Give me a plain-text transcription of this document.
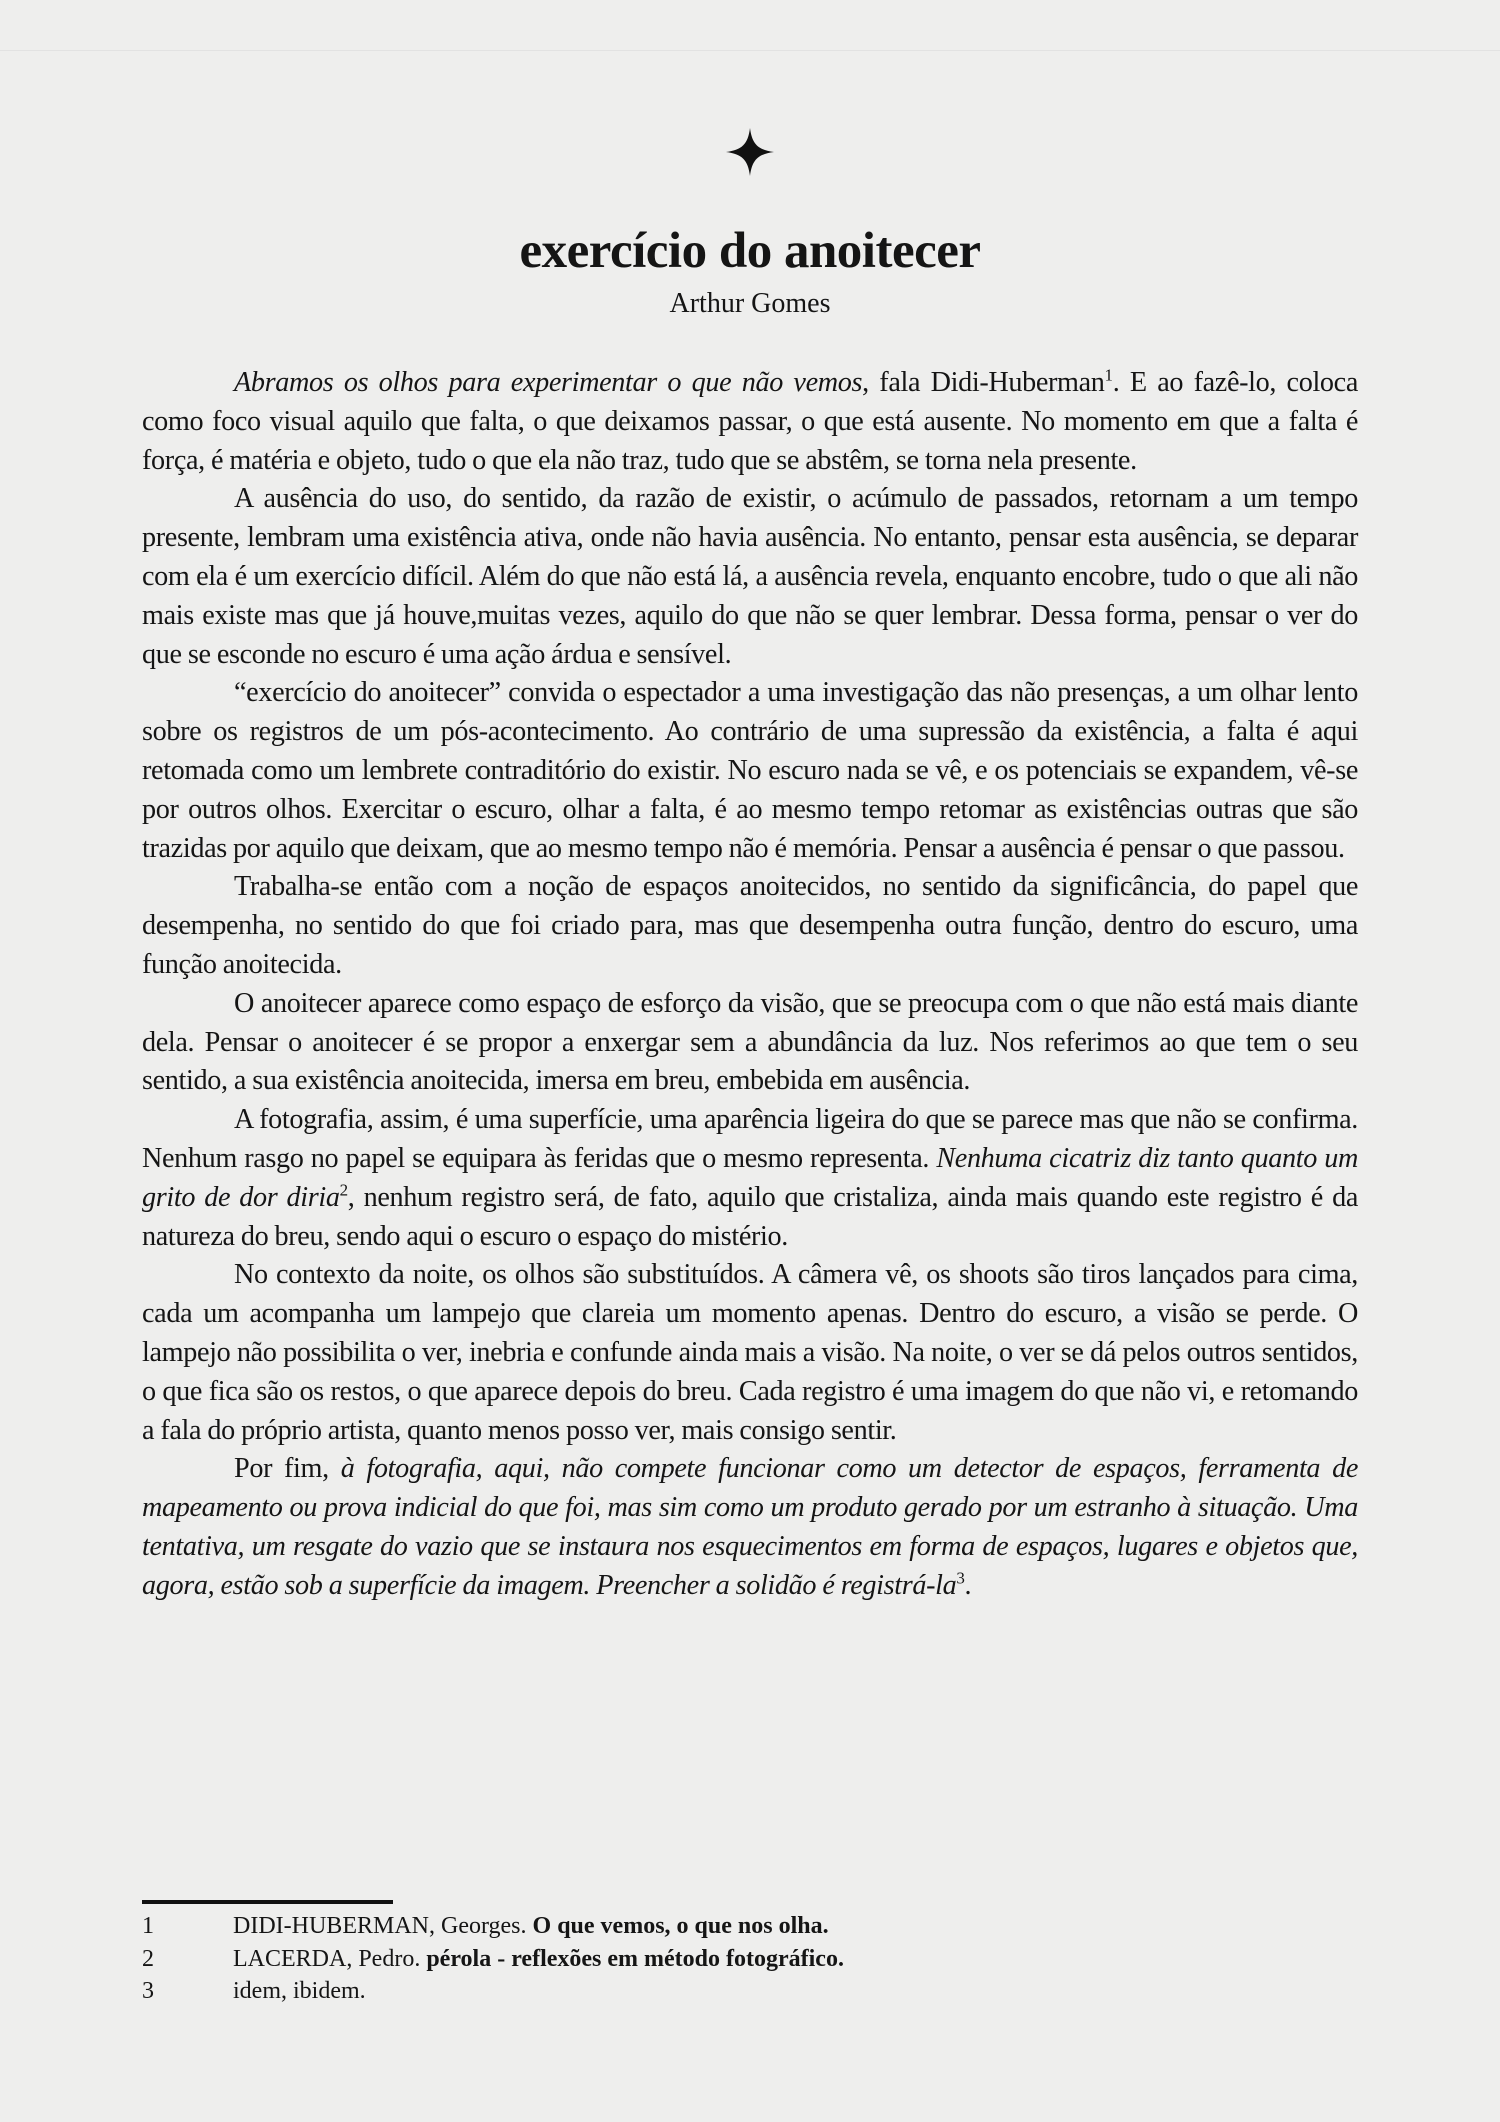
exercício do anoitecer
Arthur Gomes

Abramos os olhos para experimentar o que não vemos, fala Didi-Huberman$^1$. E ao fazê-lo, coloca como foco visual aquilo que falta, o que deixamos passar, o que está ausente. No momento em que a falta é força, é matéria e objeto, tudo o que ela não traz, tudo que se abstêm, se torna nela presente.

A ausência do uso, do sentido, da razão de existir, o acúmulo de passados, retornam a um tempo presente, lembram uma existência ativa, onde não havia ausência. No entanto, pensar esta ausência, se deparar com ela é um exercício difícil. Além do que não está lá, a ausência revela, enquanto encobre, tudo o que ali não mais existe mas que já houve,muitas vezes, aquilo do que não se quer lembrar. Dessa forma, pensar o ver do que se esconde no escuro é uma ação árdua e sensível.

“exercício do anoitecer” convida o espectador a uma investigação das não presenças, a um olhar lento sobre os registros de um pós-acontecimento. Ao contrário de uma supressão da existência, a falta é aqui retomada como um lembrete contraditório do existir. No escuro nada se vê, e os potenciais se expandem, vê-se por outros olhos. Exercitar o escuro, olhar a falta, é ao mesmo tempo retomar as existências outras que são trazidas por aquilo que deixam, que ao mesmo tempo não é memória. Pensar a ausência é pensar o que passou.

Trabalha-se então com a noção de espaços anoitecidos, no sentido da significância, do papel que desempenha, no sentido do que foi criado para, mas que desempenha outra função, dentro do escuro, uma função anoitecida.

O anoitecer aparece como espaço de esforço da visão, que se preocupa com o que não está mais diante dela. Pensar o anoitecer é se propor a enxergar sem a abundância da luz. Nos referimos ao que tem o seu sentido, a sua existência anoitecida, imersa em breu, embebida em ausência.

A fotografia, assim, é uma superfície, uma aparência ligeira do que se parece mas que não se confirma. Nenhum rasgo no papel se equipara às feridas que o mesmo representa. Nenhuma cicatriz diz tanto quanto um grito de dor diria$^2$, nenhum registro será, de fato, aquilo que cristaliza, ainda mais quando este registro é da natureza do breu, sendo aqui o escuro o espaço do mistério.

No contexto da noite, os olhos são substituídos. A câmera vê, os shoots são tiros lançados para cima, cada um acompanha um lampejo que clareia um momento apenas. Dentro do escuro, a visão se perde. O lampejo não possibilita o ver, inebria e confunde ainda mais a visão. Na noite, o ver se dá pelos outros sentidos, o que fica são os restos, o que aparece depois do breu. Cada registro é uma imagem do que não vi, e retomando a fala do próprio artista, quanto menos posso ver, mais consigo sentir.

Por fim, à fotografia, aqui, não compete funcionar como um detector de espaços, ferramenta de mapeamento ou prova indicial do que foi, mas sim como um produto gerado por um estranho à situação. Uma tentativa, um resgate do vazio que se instaura nos esquecimentos em forma de espaços, lugares e objetos que, agora, estão sob a superfície da imagem. Preencher a solidão é registrá-$la^3$.

1	DIDI-HUBERMAN, Georges. O que vemos, o que nos olha.
2	LACERDA, Pedro. pérola - reflexões em método fotográfico.
3	idem, ibidem.
